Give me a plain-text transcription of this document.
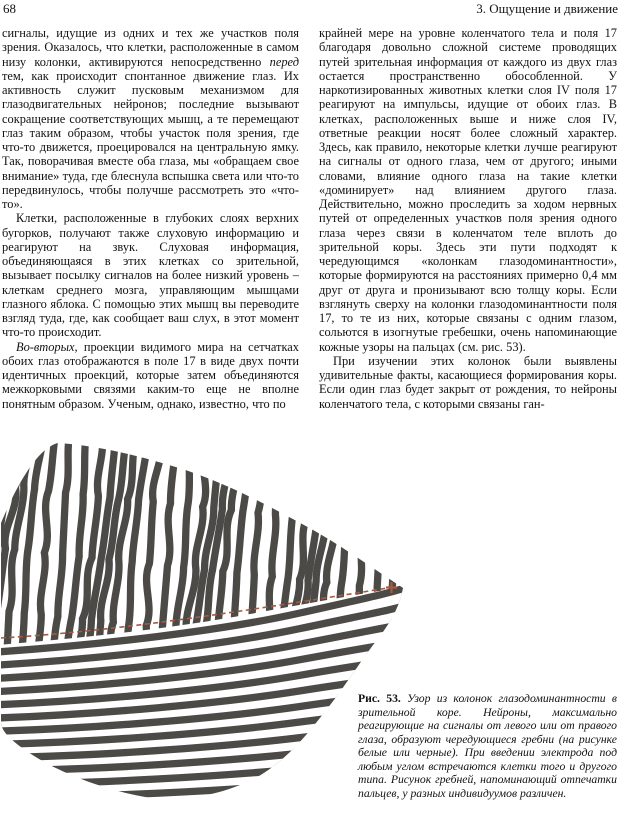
68	3. Ощущение и движение

сигналы, идущие из одних и тех же участков поля зрения. Оказалось, что клетки, расположенные в самом низу колонки, активируются непосредственно перед тем, как происходит спонтанное движение глаз. Их активность служит пусковым механизмом для глазодвигательных нейронов; последние вызывают сокращение соответствующих мышц, а те перемещают глаз таким образом, чтобы участок поля зрения, где что-то движется, проецировался на центральную ямку. Так, поворачивая вместе оба глаза, мы «обращаем свое внимание» туда, где блеснула вспышка света или что-то передвинулось, чтобы получше рассмотреть это «что-то».

Клетки, расположенные в глубоких слоях верхних бугорков, получают также слуховую информацию и реагируют на звук. Слуховая информация, объединяющаяся в этих клетках со зрительной, вызывает посылку сигналов на более низкий уровень – клеткам среднего мозга, управляющим мышцами глазного яблока. С помощью этих мышц вы переводите взгляд туда, где, как сообщает ваш слух, в этот момент что-то происходит.

Во-вторых, проекции видимого мира на сетчатках обоих глаз отображаются в поле 17 в виде двух почти идентичных проекций, которые затем объединяются межкорковыми связями каким-то еще не вполне понятным образом. Ученым, однако, известно, что по

крайней мере на уровне коленчатого тела и поля 17 благодаря довольно сложной системе проводящих путей зрительная информация от каждого из двух глаз остается пространственно обособленной. У наркотизированных животных клетки слоя IV поля 17 реагируют на импульсы, идущие от обоих глаз. В клетках, расположенных выше и ниже слоя IV, ответные реакции носят более сложный характер. Здесь, как правило, некоторые клетки лучше реагируют на сигналы от одного глаза, чем от другого; иными словами, влияние одного глаза на такие клетки «доминирует» над влиянием другого глаза. Действительно, можно проследить за ходом нервных путей от определенных участков поля зрения одного глаза через связи в коленчатом теле вплоть до зрительной коры. Здесь эти пути подходят к чередующимся «колонкам глазодоминантности», которые формируются на расстояниях примерно 0,4 мм друг от друга и пронизывают всю толщу коры. Если взглянуть сверху на колонки глазодоминантности поля 17, то те из них, которые связаны с одним глазом, сольются в изогнутые гребешки, очень напоминающие кожные узоры на пальцах (см. рис. 53).

При изучении этих колонок были выявлены удивительные факты, касающиеся формирования коры. Если один глаз будет закрыт от рождения, то нейроны коленчатого тела, с которыми связаны ган-

Рис. 53. Узор из колонок глазодоминантности в зрительной коре. Нейроны, максимально реагирующие на сигналы от левого или от правого глаза, образуют чередующиеся гребни (на рисунке белые или черные). При введении электрода под любым углом встречаются клетки того и другого типа. Рисунок гребней, напоминающий отпечатки пальцев, у разных индивидуумов различен.
